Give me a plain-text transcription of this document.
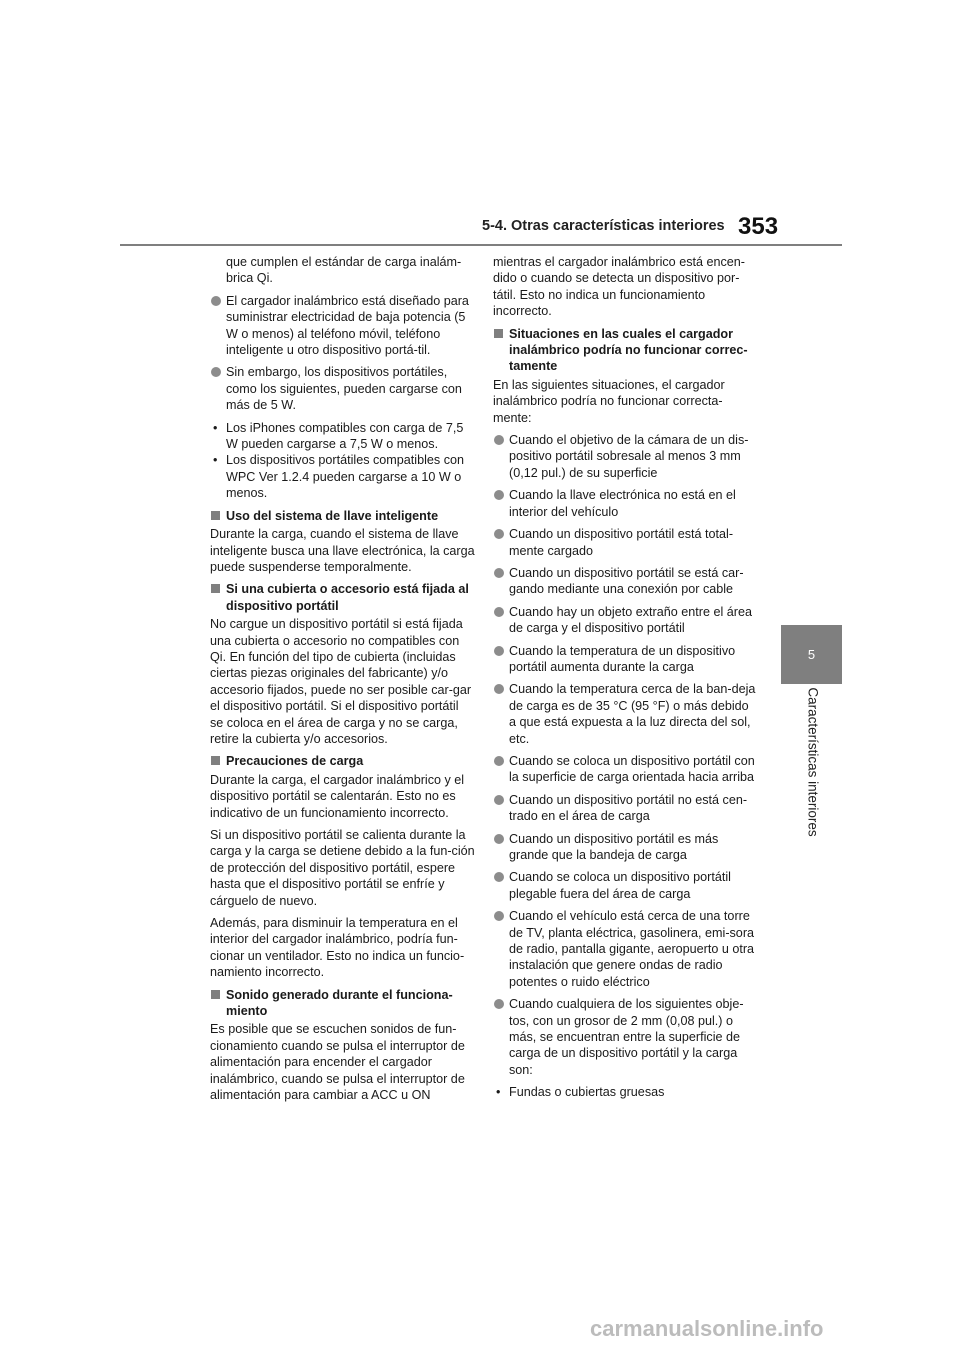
5-4. Otras características interiores 353
5
Características interiores

que cumplen el estándar de carga inalám-brica Qi.

El cargador inalámbrico está diseñado para suministrar electricidad de baja potencia (5 W o menos) al teléfono móvil, teléfono inteligente u otro dispositivo portá-til.

Sin embargo, los dispositivos portátiles, como los siguientes, pueden cargarse con más de 5 W.

• Los iPhones compatibles con carga de 7,5 W pueden cargarse a 7,5 W o menos.

• Los dispositivos portátiles compatibles con WPC Ver 1.2.4 pueden cargarse a 10 W o menos.

Uso del sistema de llave inteligente

Durante la carga, cuando el sistema de llave inteligente busca una llave electrónica, la carga puede suspenderse temporalmente.

Si una cubierta o accesorio está fijada al dispositivo portátil

No cargue un dispositivo portátil si está fijada una cubierta o accesorio no compatibles con Qi. En función del tipo de cubierta (incluidas ciertas piezas originales del fabricante) y/o accesorio fijados, puede no ser posible car-gar el dispositivo portátil. Si el dispositivo portátil se coloca en el área de carga y no se carga, retire la cubierta y/o accesorios.

Precauciones de carga

Durante la carga, el cargador inalámbrico y el dispositivo portátil se calentarán. Esto no es indicativo de un funcionamiento incorrecto.

Si un dispositivo portátil se calienta durante la carga y la carga se detiene debido a la fun-ción de protección del dispositivo portátil, espere hasta que el dispositivo portátil se enfríe y cárguelo de nuevo.

Además, para disminuir la temperatura en el interior del cargador inalámbrico, podría fun-cionar un ventilador. Esto no indica un funcio-namiento incorrecto.

Sonido generado durante el funciona-miento

Es posible que se escuchen sonidos de fun-cionamiento cuando se pulsa el interruptor de alimentación para encender el cargador inalámbrico, cuando se pulsa el interruptor de alimentación para cambiar a ACC u ON

mientras el cargador inalámbrico está encen-dido o cuando se detecta un dispositivo por-tátil. Esto no indica un funcionamiento incorrecto.

Situaciones en las cuales el cargador inalámbrico podría no funcionar correc-tamente

En las siguientes situaciones, el cargador inalámbrico podría no funcionar correcta-mente:

Cuando el objetivo de la cámara de un dis-positivo portátil sobresale al menos 3 mm (0,12 pul.) de su superficie

Cuando la llave electrónica no está en el interior del vehículo

Cuando un dispositivo portátil está total-mente cargado

Cuando un dispositivo portátil se está car-gando mediante una conexión por cable

Cuando hay un objeto extraño entre el área de carga y el dispositivo portátil

Cuando la temperatura de un dispositivo portátil aumenta durante la carga

Cuando la temperatura cerca de la ban-deja de carga es de 35 °C (95 °F) o más debido a que está expuesta a la luz directa del sol, etc.

Cuando se coloca un dispositivo portátil con la superficie de carga orientada hacia arriba

Cuando un dispositivo portátil no está cen-trado en el área de carga

Cuando un dispositivo portátil es más grande que la bandeja de carga

Cuando se coloca un dispositivo portátil plegable fuera del área de carga

Cuando el vehículo está cerca de una torre de TV, planta eléctrica, gasolinera, emi-sora de radio, pantalla gigante, aeropuerto u otra instalación que genere ondas de radio potentes o ruido eléctrico

Cuando cualquiera de los siguientes obje-tos, con un grosor de 2 mm (0,08 pul.) o más, se encuentran entre la superficie de carga de un dispositivo portátil y la carga son:

• Fundas o cubiertas gruesas

carmanualsonline.info
